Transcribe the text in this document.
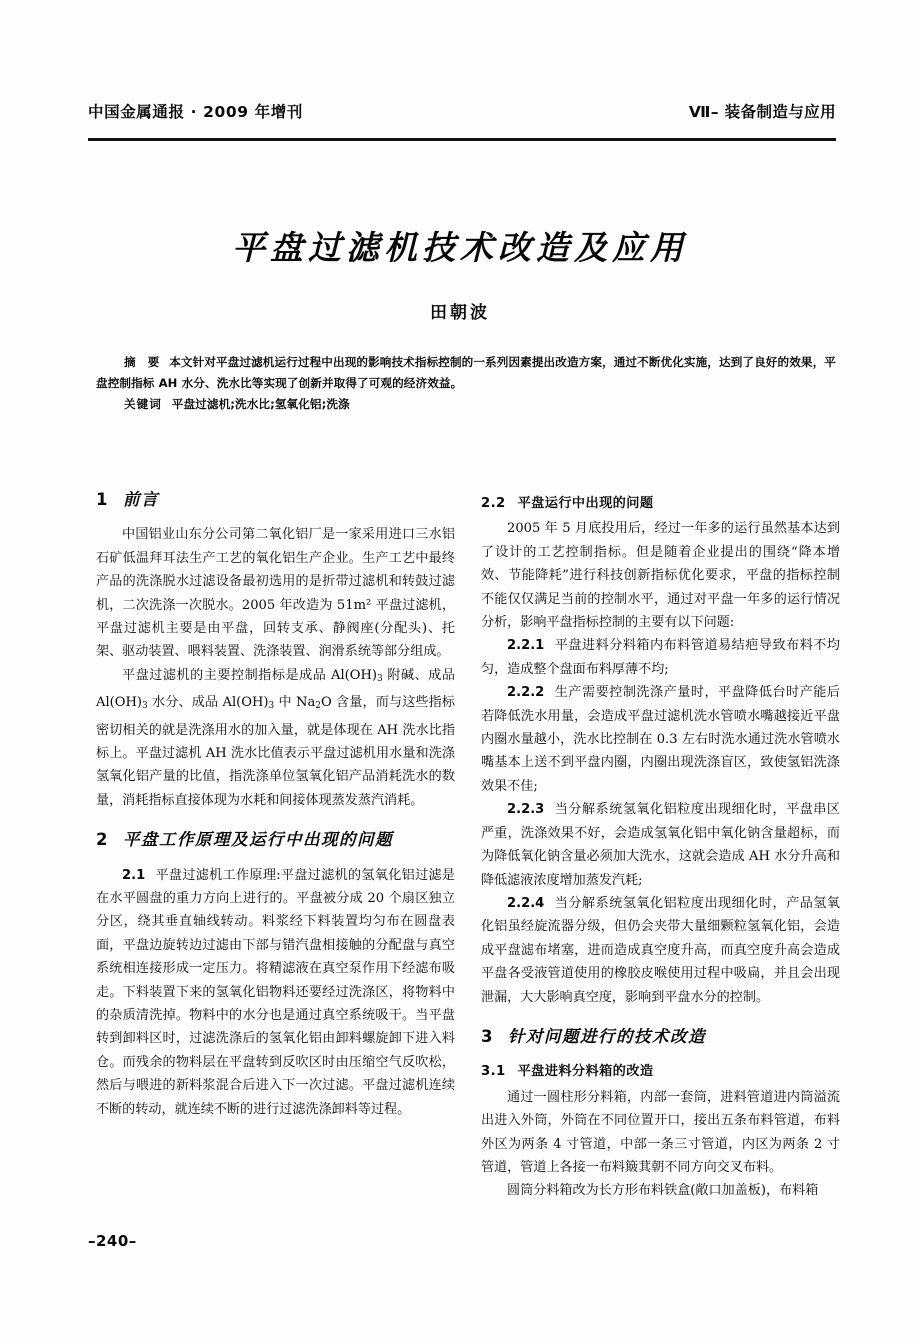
中国金属通报 · 2009 年增刊	Ⅶ– 装备制造与应用
平盘过滤机技术改造及应用
田朝波

摘 要 本文针对平盘过滤机运行过程中出现的影响技术指标控制的一系列因素提出改造方案，通过不断优化实施，达到了良好的效果，平盘控制指标 AH 水分、洗水比等实现了创新并取得了可观的经济效益。

关键词 平盘过滤机;洗水比;氢氧化铝;洗涤

1 前言

中国铝业山东分公司第二氧化铝厂是一家采用进口三水铝石矿低温拜耳法生产工艺的氧化铝生产企业。生产工艺中最终产品的洗涤脱水过滤设备最初选用的是折带过滤机和转鼓过滤机，二次洗涤一次脱水。2005 年改造为 51m² 平盘过滤机，平盘过滤机主要是由平盘，回转支承、静阀座(分配头)、托架、驱动装置、喂料装置、洗涤装置、润滑系统等部分组成。

平盘过滤机的主要控制指标是成品 $Al(OH)_3$ 附碱、成品 $Al(OH)_3$ 水分、成品 $Al(OH)_3$ 中 $Na_2O$ 含量，而与这些指标密切相关的就是洗涤用水的加入量，就是体现在 AH 洗水比指标上。平盘过滤机 AH 洗水比值表示平盘过滤机用水量和洗涤氢氧化铝产量的比值，指洗涤单位氢氧化铝产品消耗洗水的数量，消耗指标直接体现为水耗和间接体现蒸发蒸汽消耗。

2 平盘工作原理及运行中出现的问题

2.1 平盘过滤机工作原理:平盘过滤机的氢氧化铝过滤是在水平圆盘的重力方向上进行的。平盘被分成 20 个扇区独立分区，绕其垂直轴线转动。料浆经下料装置均匀布在圆盘表面，平盘边旋转边过滤由下部与错汽盘相接触的分配盘与真空系统相连接形成一定压力。将精滤液在真空泵作用下经滤布吸走。下料装置下来的氢氧化铝物料还要经过洗涤区，将物料中的杂质清洗掉。物料中的水分也是通过真空系统吸干。当平盘转到卸料区时，过滤洗涤后的氢氧化铝由卸料螺旋卸下进入料仓。而残余的物料层在平盘转到反吹区时由压缩空气反吹松，然后与喂进的新料浆混合后进入下一次过滤。平盘过滤机连续不断的转动，就连续不断的进行过滤洗涤卸料等过程。

2.2 平盘运行中出现的问题

2005 年 5 月底投用后，经过一年多的运行虽然基本达到了设计的工艺控制指标。但是随着企业提出的围绕“降本增效、节能降耗”进行科技创新指标优化要求，平盘的指标控制不能仅仅满足当前的控制水平，通过对平盘一年多的运行情况分析，影响平盘指标控制的主要有以下问题:

2.2.1 平盘进料分料箱内布料管道易结疤导致布料不均匀，造成整个盘面布料厚薄不均;

2.2.2 生产需要控制洗涤产量时，平盘降低台时产能后若降低洗水用量，会造成平盘过滤机洗水管喷水嘴越接近平盘内圈水量越小，洗水比控制在 0.3 左右时洗水通过洗水管喷水嘴基本上送不到平盘内圈，内圈出现洗涤盲区，致使氢铝洗涤效果不佳;

2.2.3 当分解系统氢氧化铝粒度出现细化时，平盘串区严重，洗涤效果不好，会造成氢氧化铝中氧化钠含量超标，而为降低氧化钠含量必须加大洗水，这就会造成 AH 水分升高和降低滤液浓度增加蒸发汽耗;

2.2.4 当分解系统氢氧化铝粒度出现细化时，产品氢氧化铝虽经旋流器分级，但仍会夹带大量细颗粒氢氧化铝，会造成平盘滤布堵塞，进而造成真空度升高，而真空度升高会造成平盘各受液管道使用的橡胶皮喉使用过程中吸扁，并且会出现泄漏，大大影响真空度，影响到平盘水分的控制。

3 针对问题进行的技术改造
3.1 平盘进料分料箱的改造

通过一圆柱形分料箱，内部一套筒，进料管道进内筒溢流出进入外筒，外筒在不同位置开口，接出五条布料管道，布料外区为两条 4 寸管道，中部一条三寸管道，内区为两条 2 寸管道，管道上各接一布料簸萁朝不同方向交叉布料。

圆筒分料箱改为长方形布料铁盒(敞口加盖板)，布料箱

–240–
